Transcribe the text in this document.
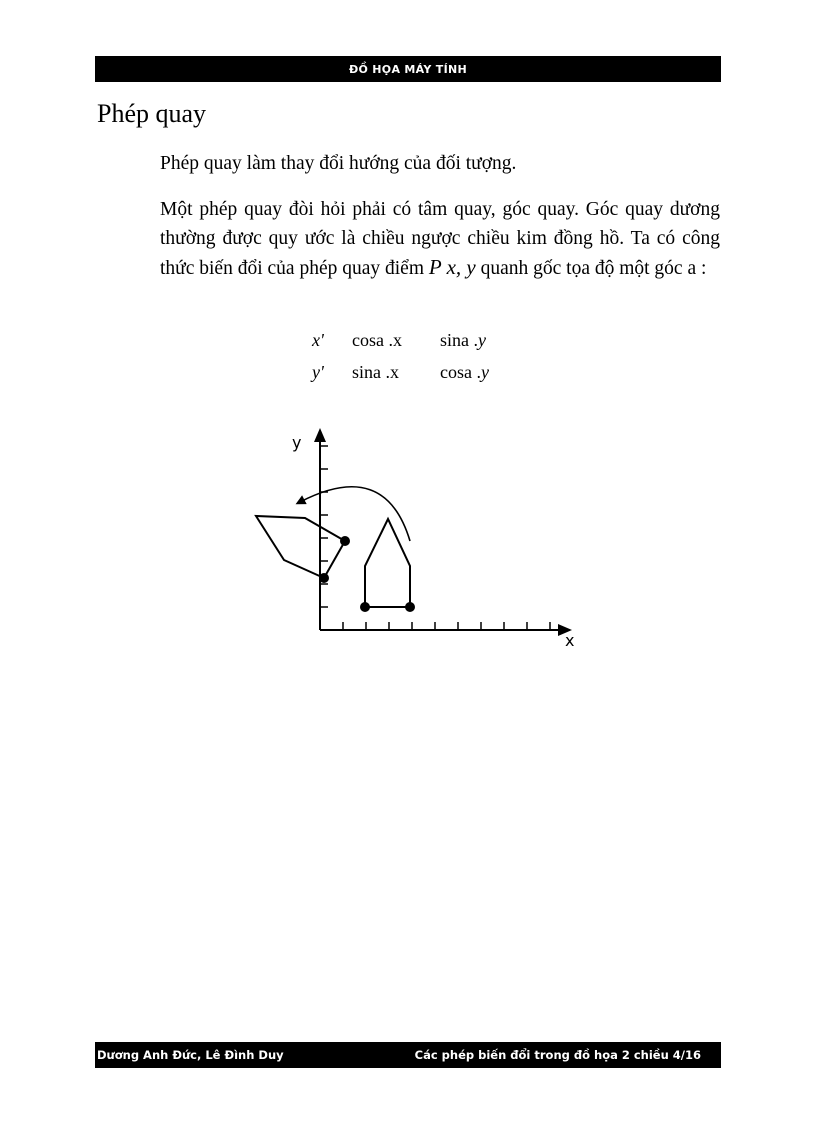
ĐỒ HỌA MÁY TÍNH
Phép quay

Phép quay làm thay đổi hướng của đối tượng.

Một phép quay đòi hỏi phải có tâm quay, góc quay. Góc quay dương thường được quy ước là chiều ngược chiều kim đồng hồ. Ta có công thức biến đổi của phép quay điểm P x, y quanh gốc tọa độ một góc a :

x' cosa .x sina .y
y' sina .x cosa .y
y
x
Dương Anh Đức, Lê Đình Duy	Các phép biến đổi trong đồ họa 2 chiều 4/16
